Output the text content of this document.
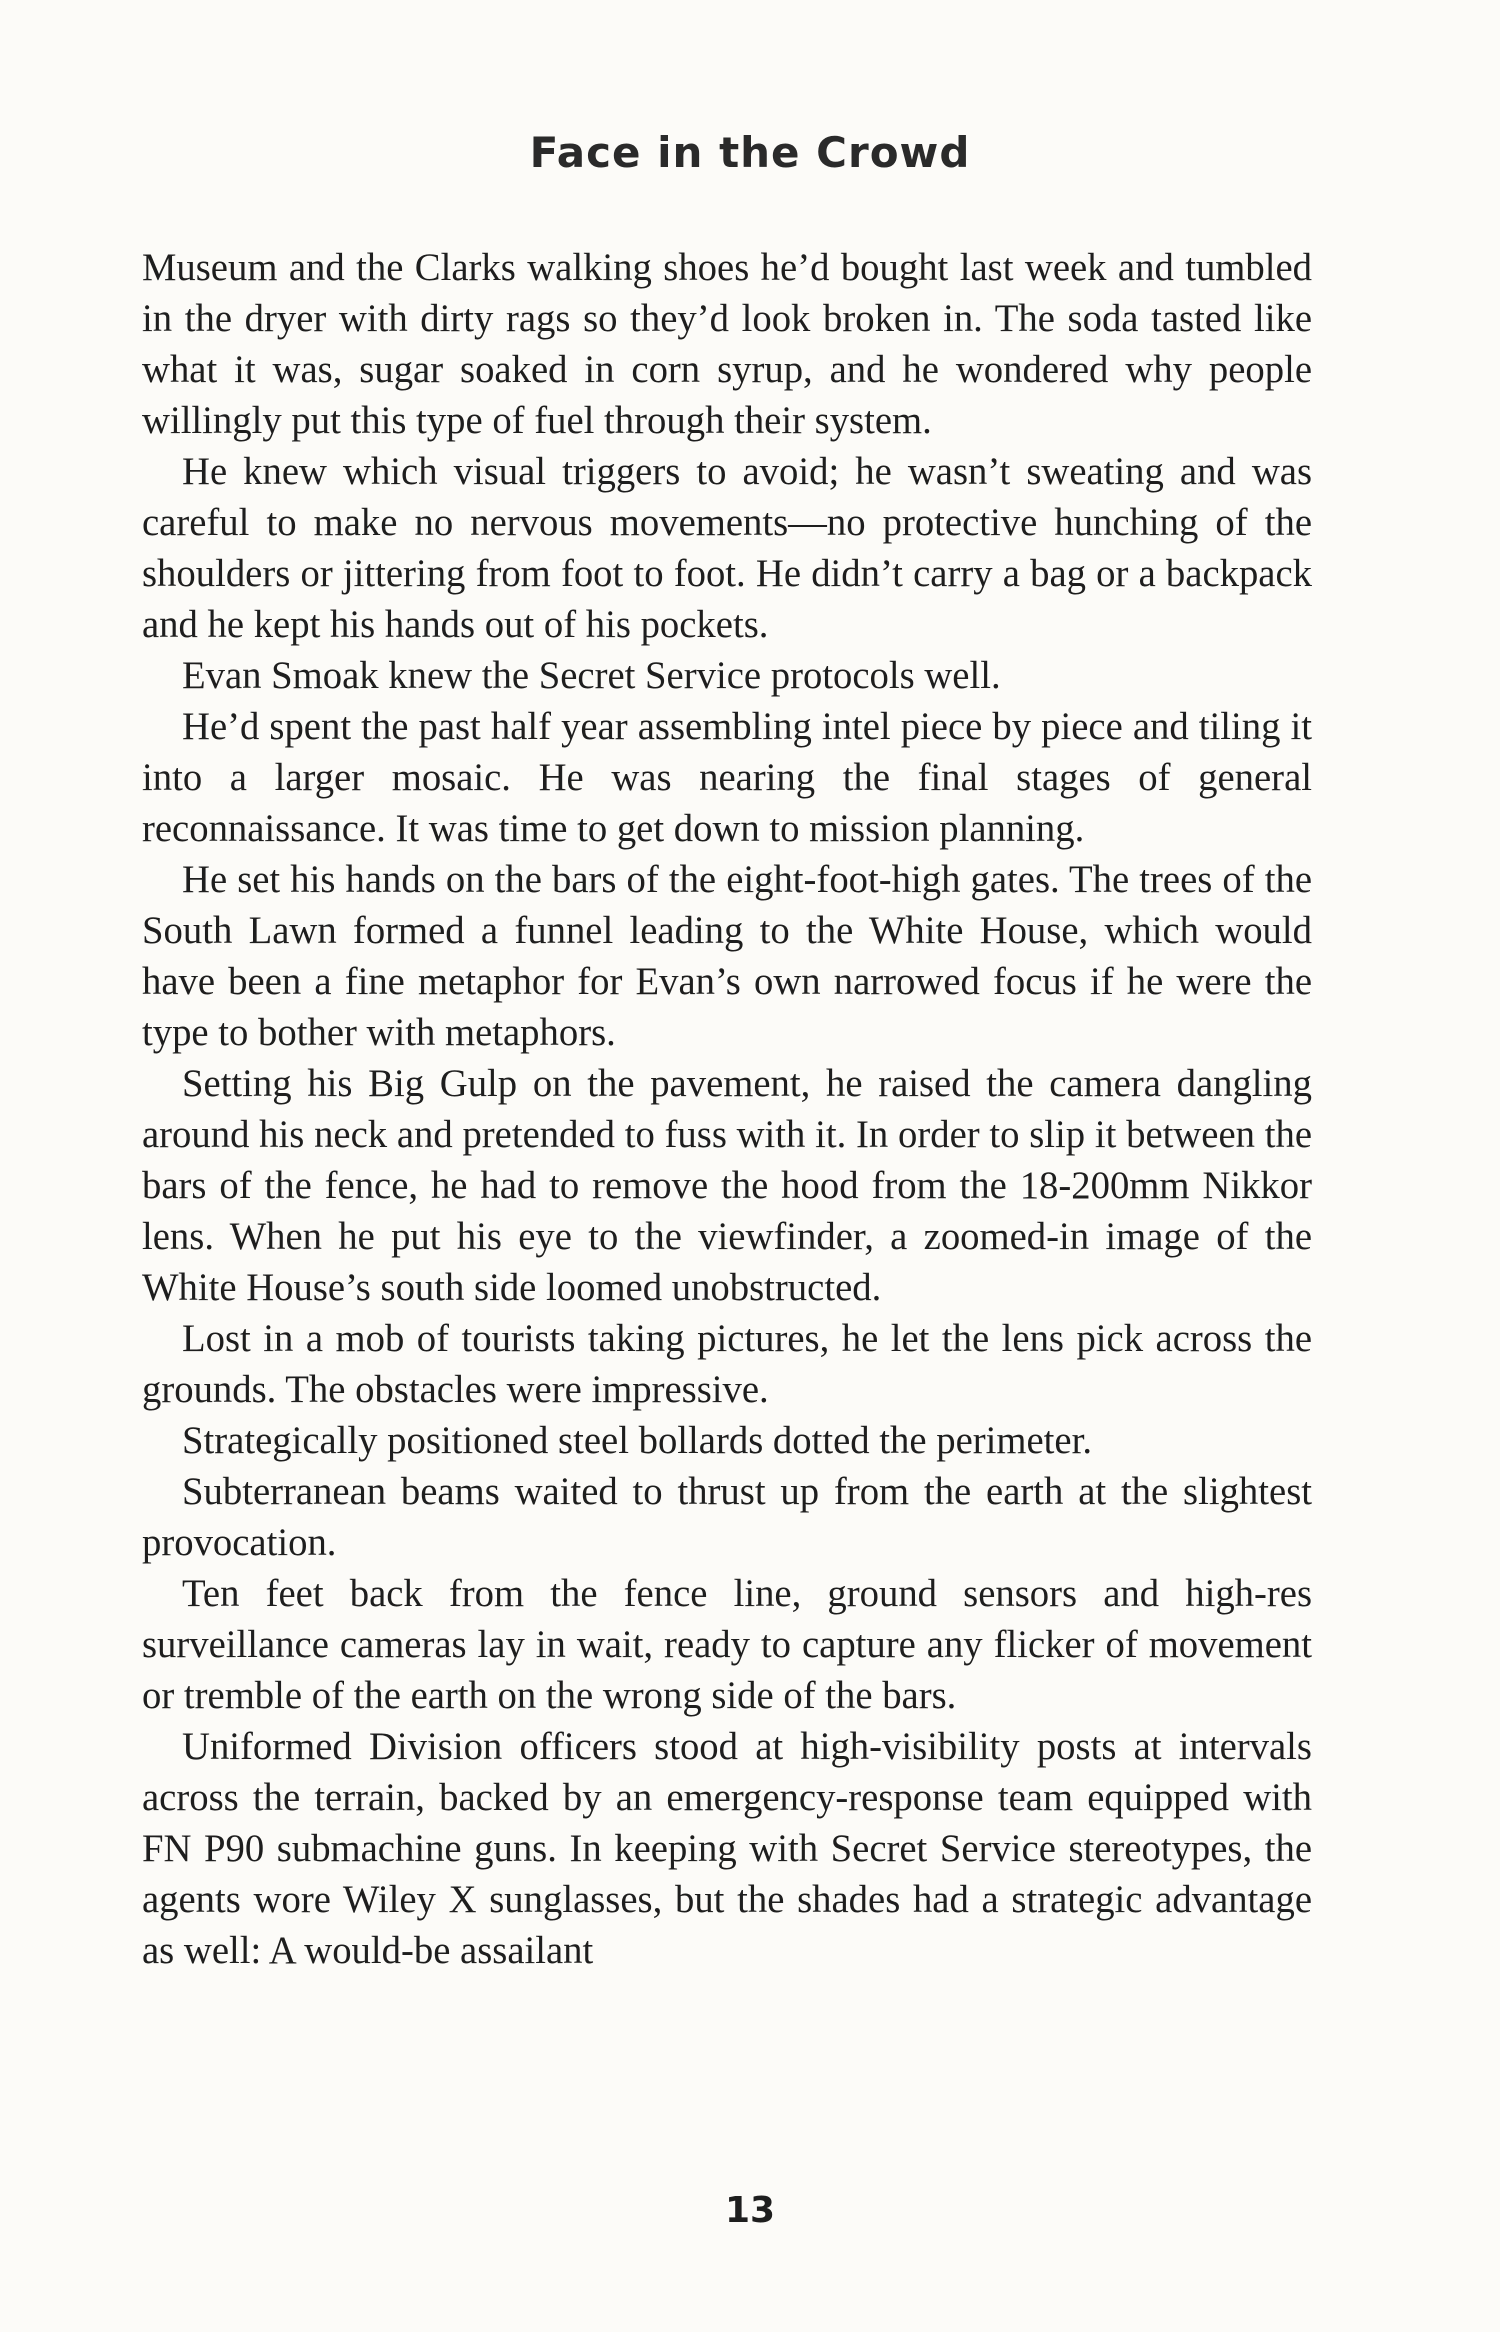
Face in the Crowd

Museum and the Clarks walking shoes he’d bought last week and tumbled in the dryer with dirty rags so they’d look broken in. The soda tasted like what it was, sugar soaked in corn syrup, and he wondered why people willingly put this type of fuel through their system.

He knew which visual triggers to avoid; he wasn’t sweating and was careful to make no nervous movements—no protective hunching of the shoulders or jittering from foot to foot. He didn’t carry a bag or a backpack and he kept his hands out of his pockets.

Evan Smoak knew the Secret Service protocols well.

He’d spent the past half year assembling intel piece by piece and tiling it into a larger mosaic. He was nearing the final stages of general reconnaissance. It was time to get down to mission planning.

He set his hands on the bars of the eight-foot-high gates. The trees of the South Lawn formed a funnel leading to the White House, which would have been a fine metaphor for Evan’s own narrowed focus if he were the type to bother with metaphors.

Setting his Big Gulp on the pavement, he raised the camera dangling around his neck and pretended to fuss with it. In order to slip it between the bars of the fence, he had to remove the hood from the 18-200mm Nikkor lens. When he put his eye to the viewfinder, a zoomed-in image of the White House’s south side loomed unobstructed.

Lost in a mob of tourists taking pictures, he let the lens pick across the grounds. The obstacles were impressive.

Strategically positioned steel bollards dotted the perimeter.

Subterranean beams waited to thrust up from the earth at the slightest provocation.

Ten feet back from the fence line, ground sensors and high-res surveillance cameras lay in wait, ready to capture any flicker of movement or tremble of the earth on the wrong side of the bars.

Uniformed Division officers stood at high-visibility posts at intervals across the terrain, backed by an emergency-response team equipped with FN P90 submachine guns. In keeping with Secret Service stereotypes, the agents wore Wiley X sunglasses, but the shades had a strategic advantage as well: A would-be assailant

13
